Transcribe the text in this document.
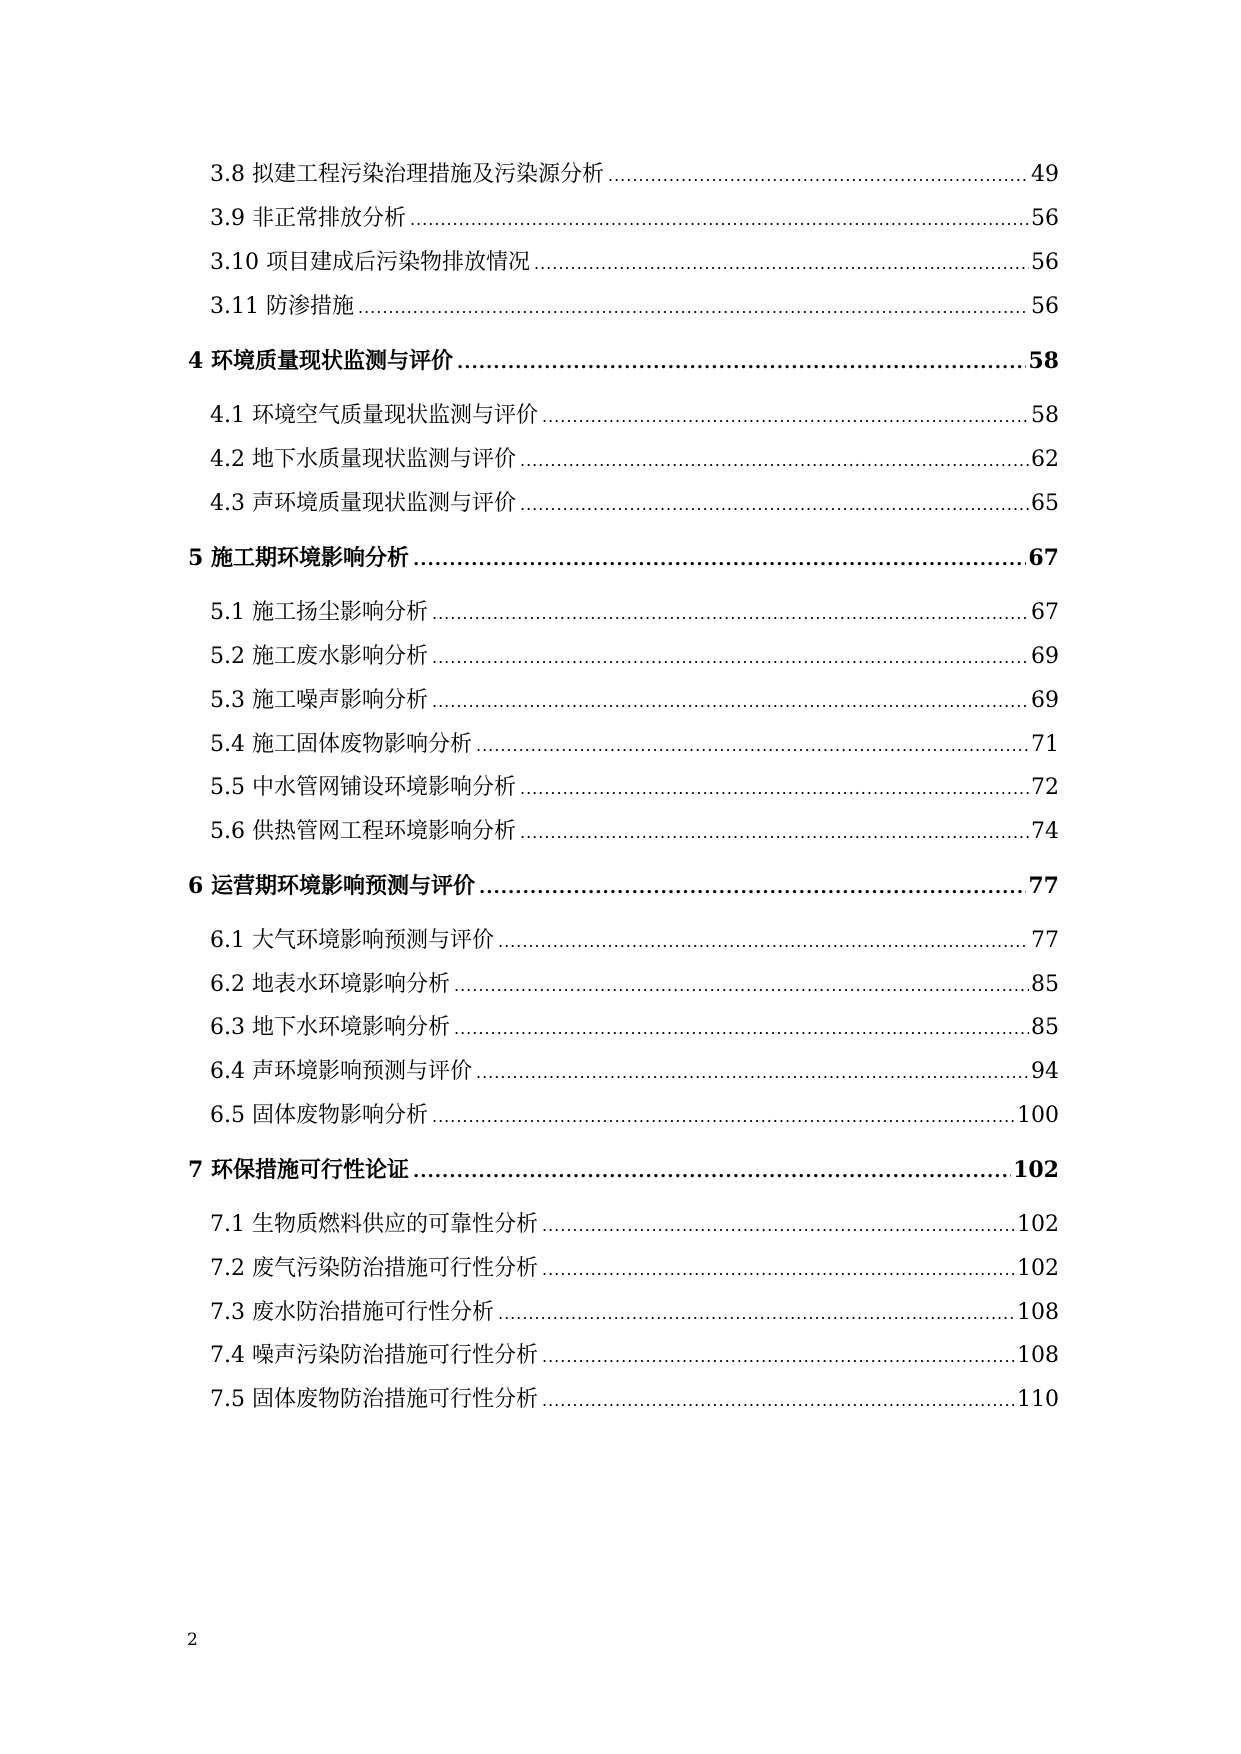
3.8 拟建工程污染治理措施及污染源分析 .....	49
3.9 非正常排放分析 .....	56
3.10 项目建成后污染物排放情况 .....	56
3.11 防渗措施 .....	56
4 环境质量现状监测与评价 .....	58
4.1 环境空气质量现状监测与评价 .....	58
4.2 地下水质量现状监测与评价 .....	62
4.3 声环境质量现状监测与评价 .....	65
5 施工期环境影响分析 .....	67
5.1 施工扬尘影响分析 .....	67
5.2 施工废水影响分析 .....	69
5.3 施工噪声影响分析 .....	69
5.4 施工固体废物影响分析 .....	71
5.5 中水管网铺设环境影响分析 .....	72
5.6 供热管网工程环境影响分析 .....	74
6 运营期环境影响预测与评价 .....	77
6.1 大气环境影响预测与评价 .....	77
6.2 地表水环境影响分析 .....	85
6.3 地下水环境影响分析 .....	85
6.4 声环境影响预测与评价 .....	94
6.5 固体废物影响分析 .....	100
7 环保措施可行性论证 .....	102
7.1 生物质燃料供应的可靠性分析 .....	102
7.2 废气污染防治措施可行性分析 .....	102
7.3 废水防治措施可行性分析 .....	108
7.4 噪声污染防治措施可行性分析 .....	108
7.5 固体废物防治措施可行性分析 .....	110
2
